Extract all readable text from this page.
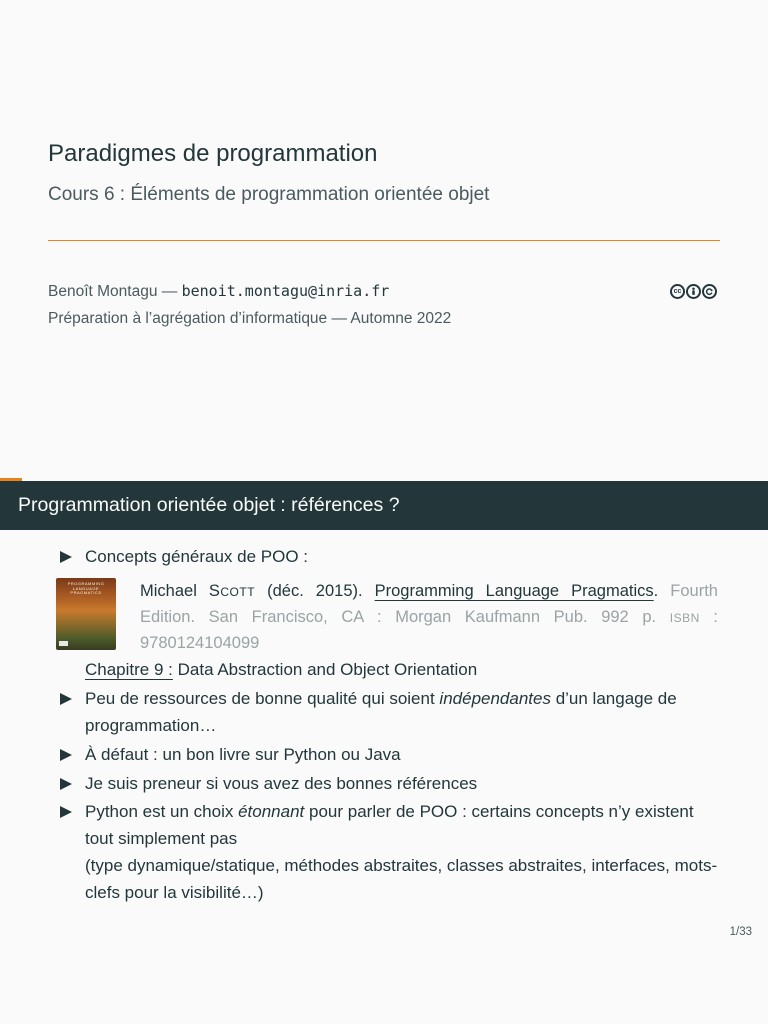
Paradigmes de programmation
Cours 6 : Éléments de programmation orientée objet
Benoît Montagu — benoit.montagu@inria.fr
Préparation à l’agrégation d’informatique — Automne 2022
cc
Programmation orientée objet : références ?
Concepts généraux de POO :
PROGRAMMING LANGUAGE PRAGMATICS	Michael Scott (déc. 2015). Programming Language Pragmatics. Fourth Edition. San Francisco, CA : Morgan Kaufmann Pub. 992 p. isbn : 9780124104099
Chapitre 9 : Data Abstraction and Object Orientation
Peu de ressources de bonne qualité qui soient indépendantes d’un langage de programmation…
À défaut : un bon livre sur Python ou Java
Je suis preneur si vous avez des bonnes références
Python est un choix étonnant pour parler de POO : certains concepts n’y existent tout simplement pas
(type dynamique/statique, méthodes abstraites, classes abstraites, interfaces, mots-clefs pour la visibilité…)
1/33
